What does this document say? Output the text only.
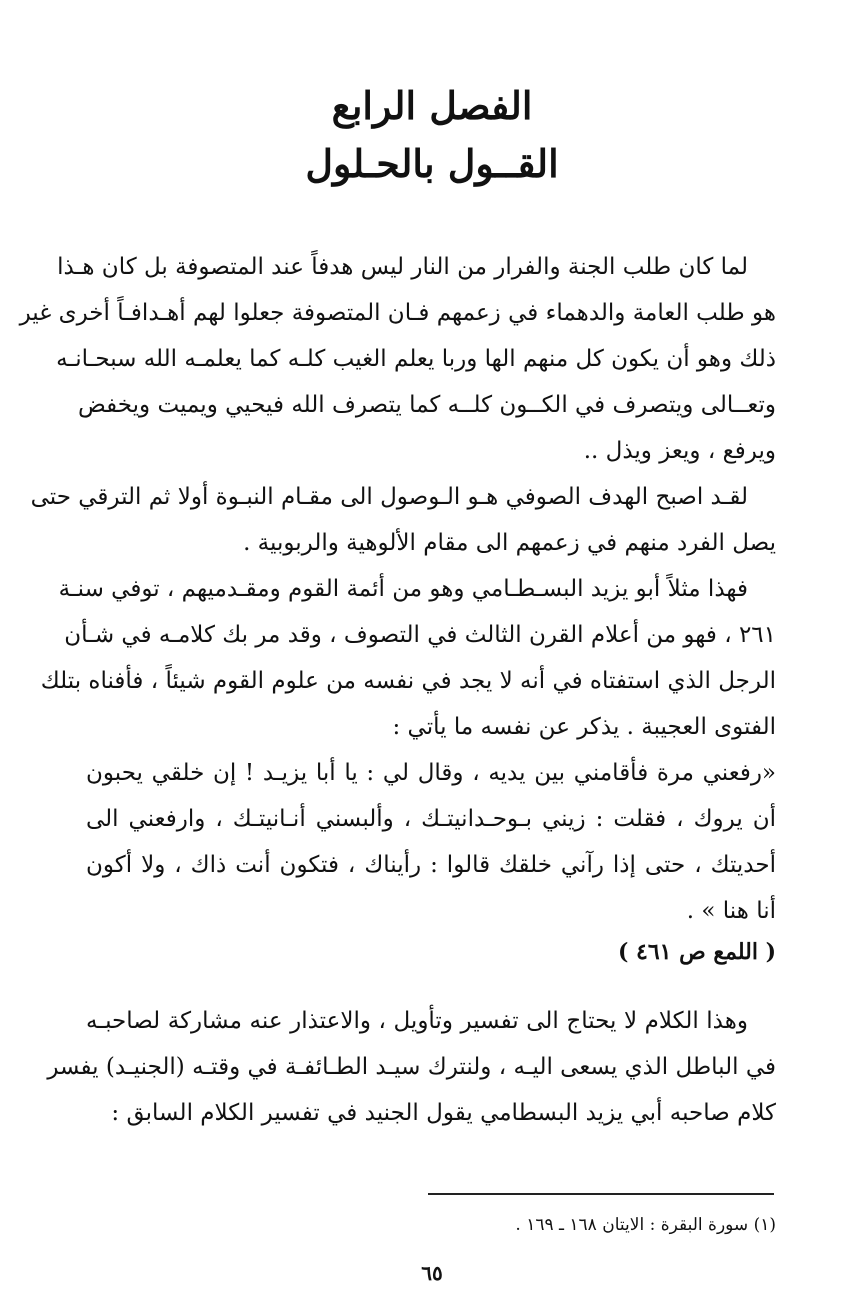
الفصل الرابع
القــول بالحـلول
لما كان طلب الجنة والفرار من النار ليس هدفاً عند المتصوفة بل كان هـذا
هو طلب العامة والدهماء في زعمهم فـان المتصوفة جعلوا لهم أهـدافـاً أخرى غير
ذلك وهو أن يكون كل منهم الها وربا يعلم الغيب كلـه كما يعلمـه الله سبحـانـه
وتعــالى ويتصرف في الكــون كلــه كما يتصرف الله فيحيي ويميت ويخفض
ويرفع ، ويعز ويذل ..
لقـد اصبح الهدف الصوفي هـو الـوصول الى مقـام النبـوة أولا ثم الترقي حتى
يصل الفرد منهم في زعمهم الى مقام الألوهية والربوبية .
فهذا مثلاً أبو يزيد البسـطـامي وهو من أئمة القوم ومقـدميهم ، توفي سنـة
٢٦١ ، فهو من أعلام القرن الثالث في التصوف ، وقد مر بك كلامـه في شـأن
الرجل الذي استفتاه في أنه لا يجد في نفسه من علوم القوم شيئاً ، فأفناه بتلك
الفتوى العجيبة . يذكر عن نفسه ما يأتي :
«رفعني مرة فأقامني بين يديه ، وقال لي : يا أبا يزيـد ! إن خلقي يحبون
أن يروك ، فقلت : زيني بـوحـدانيتـك ، وألبسني أنـانيتـك ، وارفعني الى
أحديتك ، حتى إذا رآني خلقك قالوا : رأيناك ، فتكون أنت ذاك ، ولا أكون
أنا هنا » .
( اللمع ص ٤٦١ )
وهذا الكلام لا يحتاج الى تفسير وتأويل ، والاعتذار عنه مشاركة لصاحبـه
في الباطل الذي يسعى اليـه ، ولنترك سيـد الطـائفـة في وقتـه (الجنيـد) يفسر
كلام صاحبه أبي يزيد البسطامي يقول الجنيد في تفسير الكلام السابق :
(١) سورة البقرة : الايتان ١٦٨ ـ ١٦٩ .
٦٥
